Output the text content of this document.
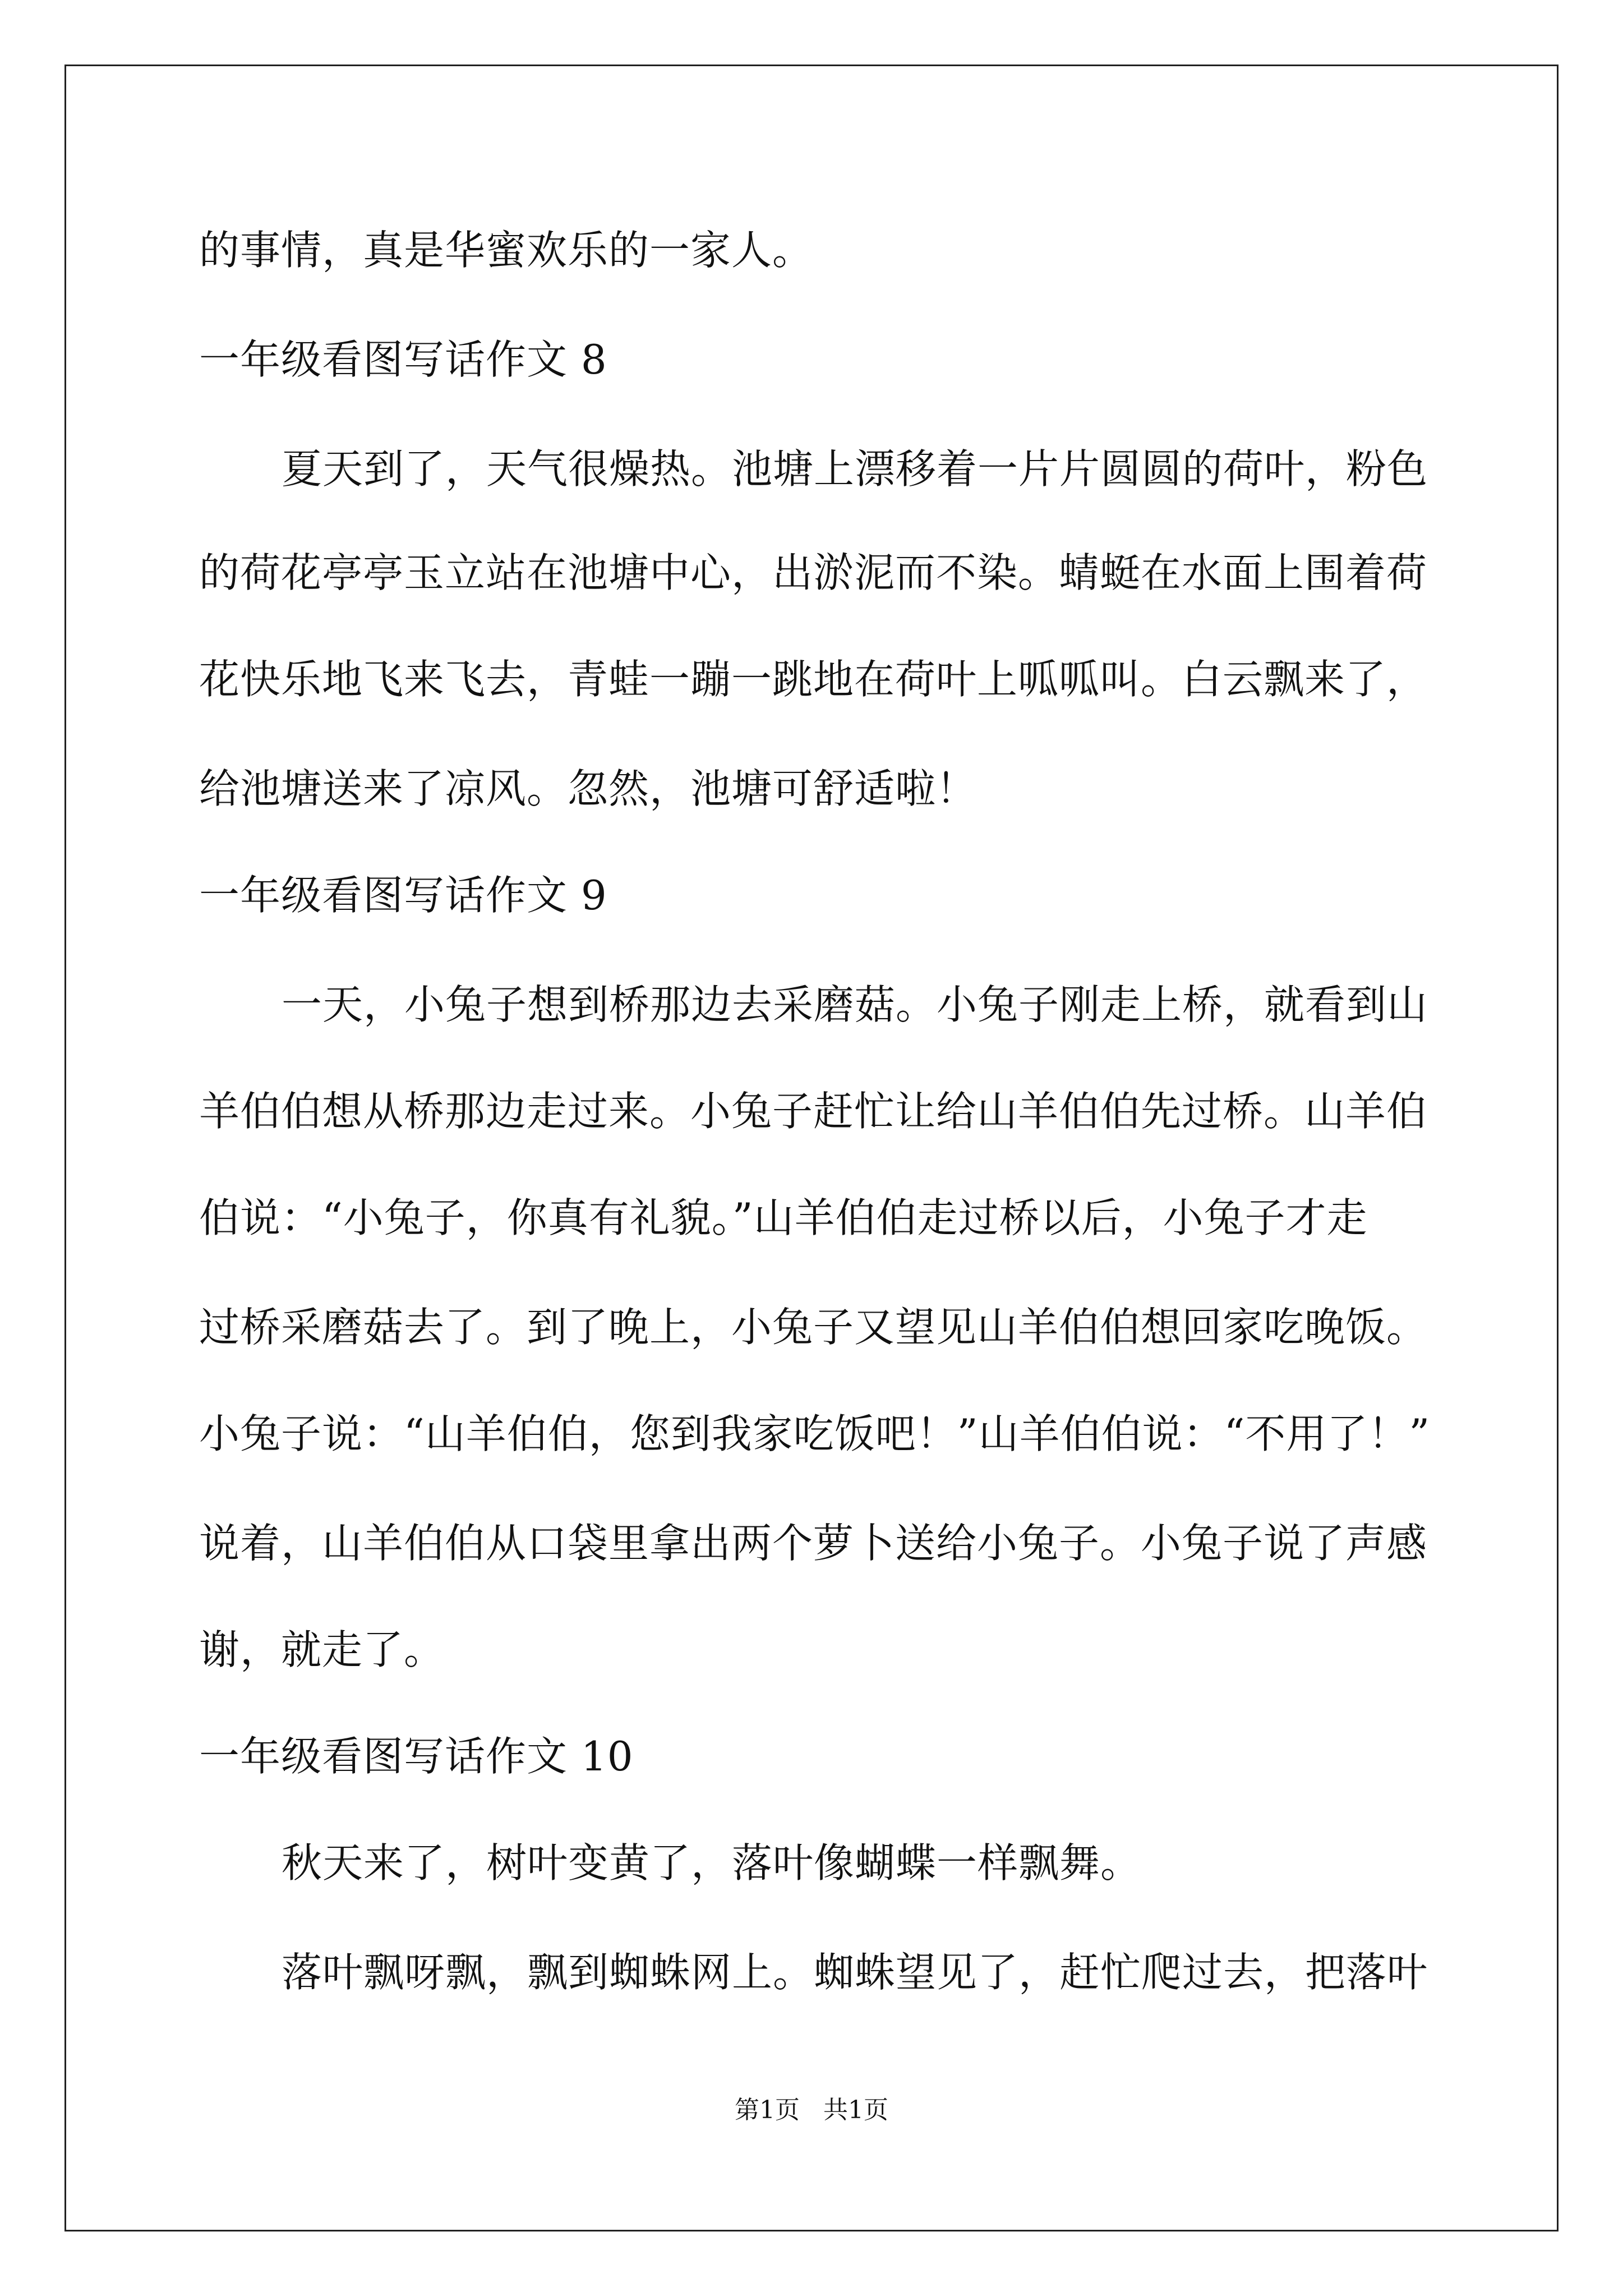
的事情，真是华蜜欢乐的一家人。
一年级看图写话作文 8
夏天到了，天气很燥热。池塘上漂移着一片片圆圆的荷叶，粉色
的荷花亭亭玉立站在池塘中心，出淤泥而不染。蜻蜓在水面上围着荷
花快乐地飞来飞去，青蛙一蹦一跳地在荷叶上呱呱叫。白云飘来了，
给池塘送来了凉风。忽然，池塘可舒适啦！
一年级看图写话作文 9
一天，小兔子想到桥那边去采磨菇。小兔子刚走上桥，就看到山
羊伯伯想从桥那边走过来。小兔子赶忙让给山羊伯伯先过桥。山羊伯
伯说：“小兔子，你真有礼貌。”山羊伯伯走过桥以后，小兔子才走
过桥采磨菇去了。到了晚上，小兔子又望见山羊伯伯想回家吃晚饭。
小兔子说：“山羊伯伯，您到我家吃饭吧！”山羊伯伯说：“不用了！”
说着，山羊伯伯从口袋里拿出两个萝卜送给小兔子。小兔子说了声感
谢，就走了。
一年级看图写话作文 10
秋天来了，树叶变黄了，落叶像蝴蝶一样飘舞。
落叶飘呀飘，飘到蜘蛛网上。蜘蛛望见了，赶忙爬过去，把落叶
第1页   共1页
